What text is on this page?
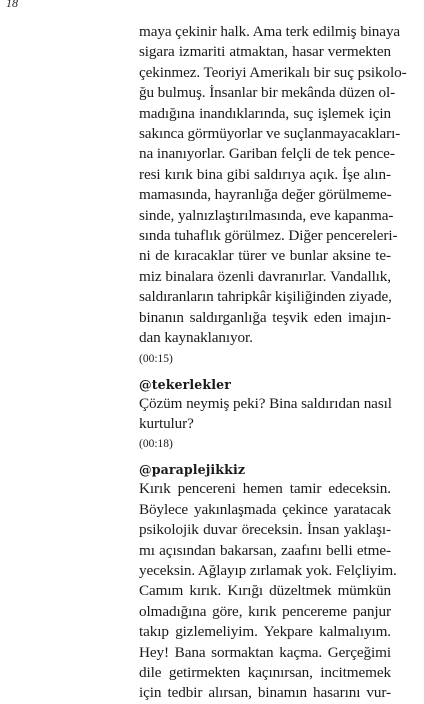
18
maya çekinir halk. Ama terk edilmiş binaya
sigara izmariti atmaktan, hasar vermekten
çekinmez. Teoriyi Amerikalı bir suç psikolo-
ğu bulmuş. İnsanlar bir mekânda düzen ol-
madığına inandıklarında, suç işlemek için
sakınca görmüyorlar ve suçlanmayacakları-
na inanıyorlar. Gariban felçli de tek pence-
resi kırık bina gibi saldırıya açık. İşe alın-
mamasında, hayranlığa değer görülmeme-
sinde, yalnızlaştırılmasında, eve kapanma-
sında tuhaflık görülmez. Diğer pencereleri-
ni de kıracaklar türer ve bunlar aksine te-
miz binalara özenli davranırlar. Vandallık,
saldıranların tahripkâr kişiliğinden ziyade,
binanın saldırganlığa teşvik eden imajın-
dan kaynaklanıyor.
(00:15)
@tekerlekler
Çözüm neymiş peki? Bina saldırıdan nasıl
kurtulur?
(00:18)
@paraplejikkiz
Kırık pencereni hemen tamir edeceksin.
Böylece yakınlaşmada çekince yaratacak
psikolojik duvar öreceksin. İnsan yaklaşı-
mı açısından bakarsan, zaafını belli etme-
yeceksin. Ağlayıp zırlamak yok. Felçliyim.
Camım kırık. Kırığı düzeltmek mümkün
olmadığına göre, kırık pencereme panjur
takıp gizlemeliyim. Yekpare kalmalıyım.
Hey! Bana sormaktan kaçma. Gerçeğimi
dile getirmekten kaçınırsan, incitmemek
için tedbir alırsan, binamın hasarını vur-
